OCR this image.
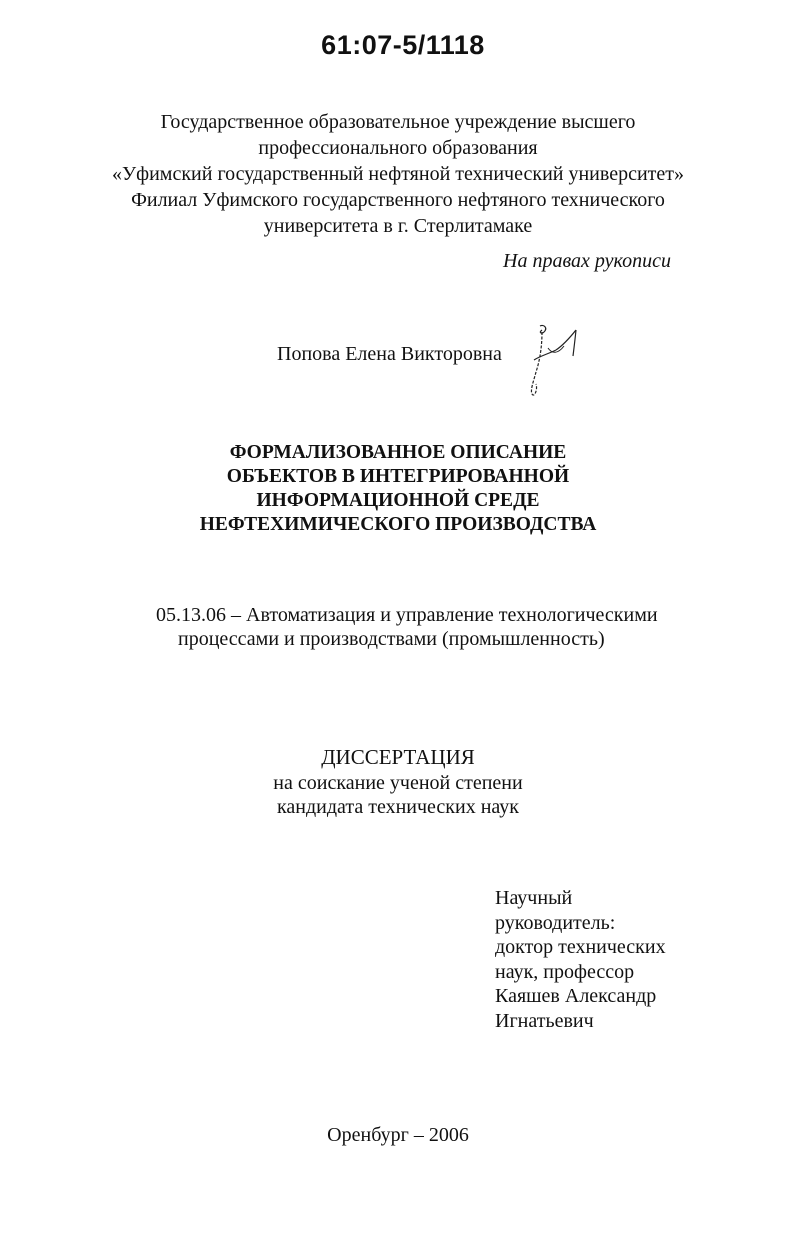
61:07-5/1118
Государственное образовательное учреждение высшего
профессионального образования
«Уфимский государственный нефтяной технический университет»
Филиал Уфимского государственного нефтяного технического
университета в г. Стерлитамаке
На правах рукописи
Попова Елена Викторовна
ФОРМАЛИЗОВАННОЕ ОПИСАНИЕ
ОБЪЕКТОВ В ИНТЕГРИРОВАННОЙ
ИНФОРМАЦИОННОЙ СРЕДЕ
НЕФТЕХИМИЧЕСКОГО ПРОИЗВОДСТВА
05.13.06 – Автоматизация и управление технологическими
процессами и производствами (промышленность)
ДИССЕРТАЦИЯ
на соискание ученой степени
кандидата технических наук
Научный
руководитель:
доктор технических
наук, профессор
Каяшев Александр
Игнатьевич
Оренбург – 2006
